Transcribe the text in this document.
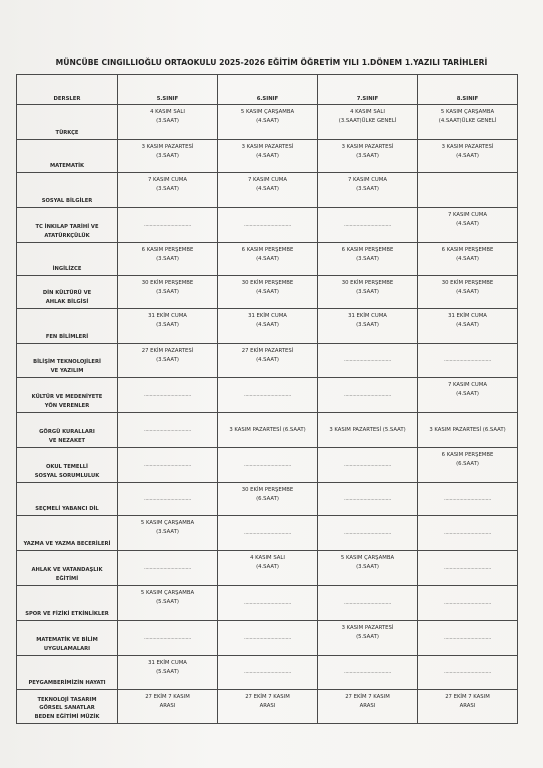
MÜNCÜBE CINGILLIOĞLU ORTAOKULU 2025-2026 EĞİTİM ÖĞRETİM YILI 1.DÖNEM 1.YAZILI TARİHLERİ
DERSLER	5.SINIF	6.SINIF	7.SINIF	8.SINIF

TÜRKÇE	4 KASIM SALI
(3.SAAT)	5 KASIM ÇARŞAMBA
(4.SAAT)	4 KASIM SALI
(3.SAAT)ÜLKE GENELİ	5 KASIM ÇARŞAMBA
(4.SAAT)ÜLKE GENELİ

MATEMATİK	3 KASIM PAZARTESİ
(3.SAAT)	3 KASIM PAZARTESİ
(4.SAAT)	3 KASIM PAZARTESİ
(3.SAAT)	3 KASIM PAZARTESİ
(4.SAAT)

SOSYAL BİLGİLER	7 KASIM CUMA
(3.SAAT)	7 KASIM CUMA
(4.SAAT)	7 KASIM CUMA
(3.SAAT)	

TC İNKILAP TARİHİ VE
ATATÜRKÇÜLÜK	..................................	..................................	..................................	7 KASIM CUMA
(4.SAAT)

İNGİLİZCE	6 KASIM PERŞEMBE
(3.SAAT)	6 KASIM PERŞEMBE
(4.SAAT)	6 KASIM PERŞEMBE
(3.SAAT)	6 KASIM PERŞEMBE
(4.SAAT)

DİN KÜLTÜRÜ VE
AHLAK BİLGİSİ	30 EKİM PERŞEMBE
(3.SAAT)	30 EKİM PERŞEMBE
(4.SAAT)	30 EKİM PERŞEMBE
(3.SAAT)	30 EKİM PERŞEMBE
(4.SAAT)

FEN BİLİMLERİ	31 EKİM CUMA
(3.SAAT)	31 EKİM CUMA
(4.SAAT)	31 EKİM CUMA
(3.SAAT)	31 EKİM CUMA
(4.SAAT)

BİLİŞİM TEKNOLOJİLERİ
VE YAZILIM	27 EKİM PAZARTESİ
(3.SAAT)	27 EKİM PAZARTESİ
(4.SAAT)	..................................	..................................

KÜLTÜR VE MEDENİYETE
YÖN VERENLER	..................................	..................................	..................................	7 KASIM CUMA
(4.SAAT)

GÖRGÜ KURALLARI
VE NEZAKET	..................................	3 KASIM PAZARTESİ (6.SAAT)	3 KASIM PAZARTESİ (5.SAAT)	3 KASIM PAZARTESİ (6.SAAT)

OKUL TEMELLİ
SOSYAL SORUMLULUK	..................................	..................................	..................................	6 KASIM PERŞEMBE
(6.SAAT)

SEÇMELİ YABANCI DİL	..................................	30 EKİM PERŞEMBE
(6.SAAT)	..................................	..................................

YAZMA VE YAZMA BECERİLERİ	5 KASIM ÇARŞAMBA
(3.SAAT)	..................................	..................................	..................................

AHLAK VE VATANDAŞLIK
EĞİTİMİ	..................................	4 KASIM SALI
(4.SAAT)	5 KASIM ÇARŞAMBA
(3.SAAT)	..................................

SPOR VE FİZİKİ ETKİNLİKLER	5 KASIM ÇARŞAMBA
(5.SAAT)	..................................	..................................	..................................

MATEMATİK VE BİLİM
UYGULAMALARI	..................................	..................................	3 KASIM PAZARTESİ
(5.SAAT)	..................................

PEYGAMBERİMİZİN HAYATI	31 EKİM CUMA
(5.SAAT)	..................................	..................................	..................................

TEKNOLOJİ TASARIM
GÖRSEL SANATLAR
BEDEN EĞİTİMİ MÜZİK	27 EKİM 7 KASIM
ARASI	27 EKİM 7 KASIM
ARASI	27 EKİM 7 KASIM
ARASI	27 EKİM 7 KASIM
ARASI
